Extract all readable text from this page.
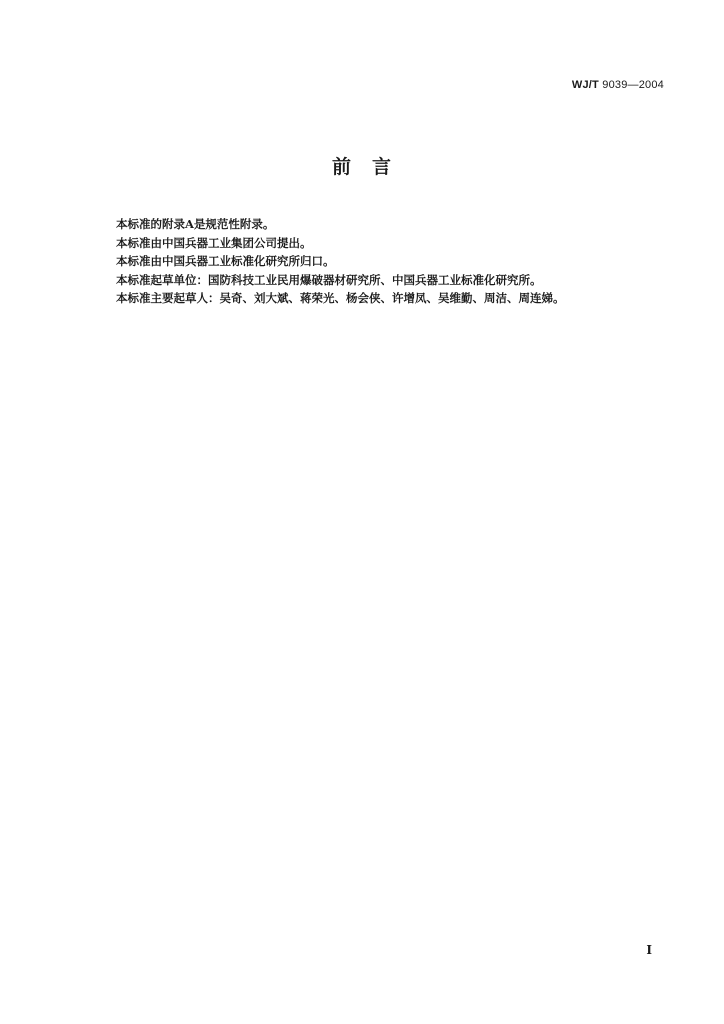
WJ/T 9039—2004
前　言
本标准的附录A是规范性附录。
本标准由中国兵器工业集团公司提出。
本标准由中国兵器工业标准化研究所归口。
本标准起草单位：国防科技工业民用爆破器材研究所、中国兵器工业标准化研究所。
本标准主要起草人：吴奇、刘大斌、蒋荣光、杨会侠、许增凤、吴维勤、周洁、周连娣。
I
